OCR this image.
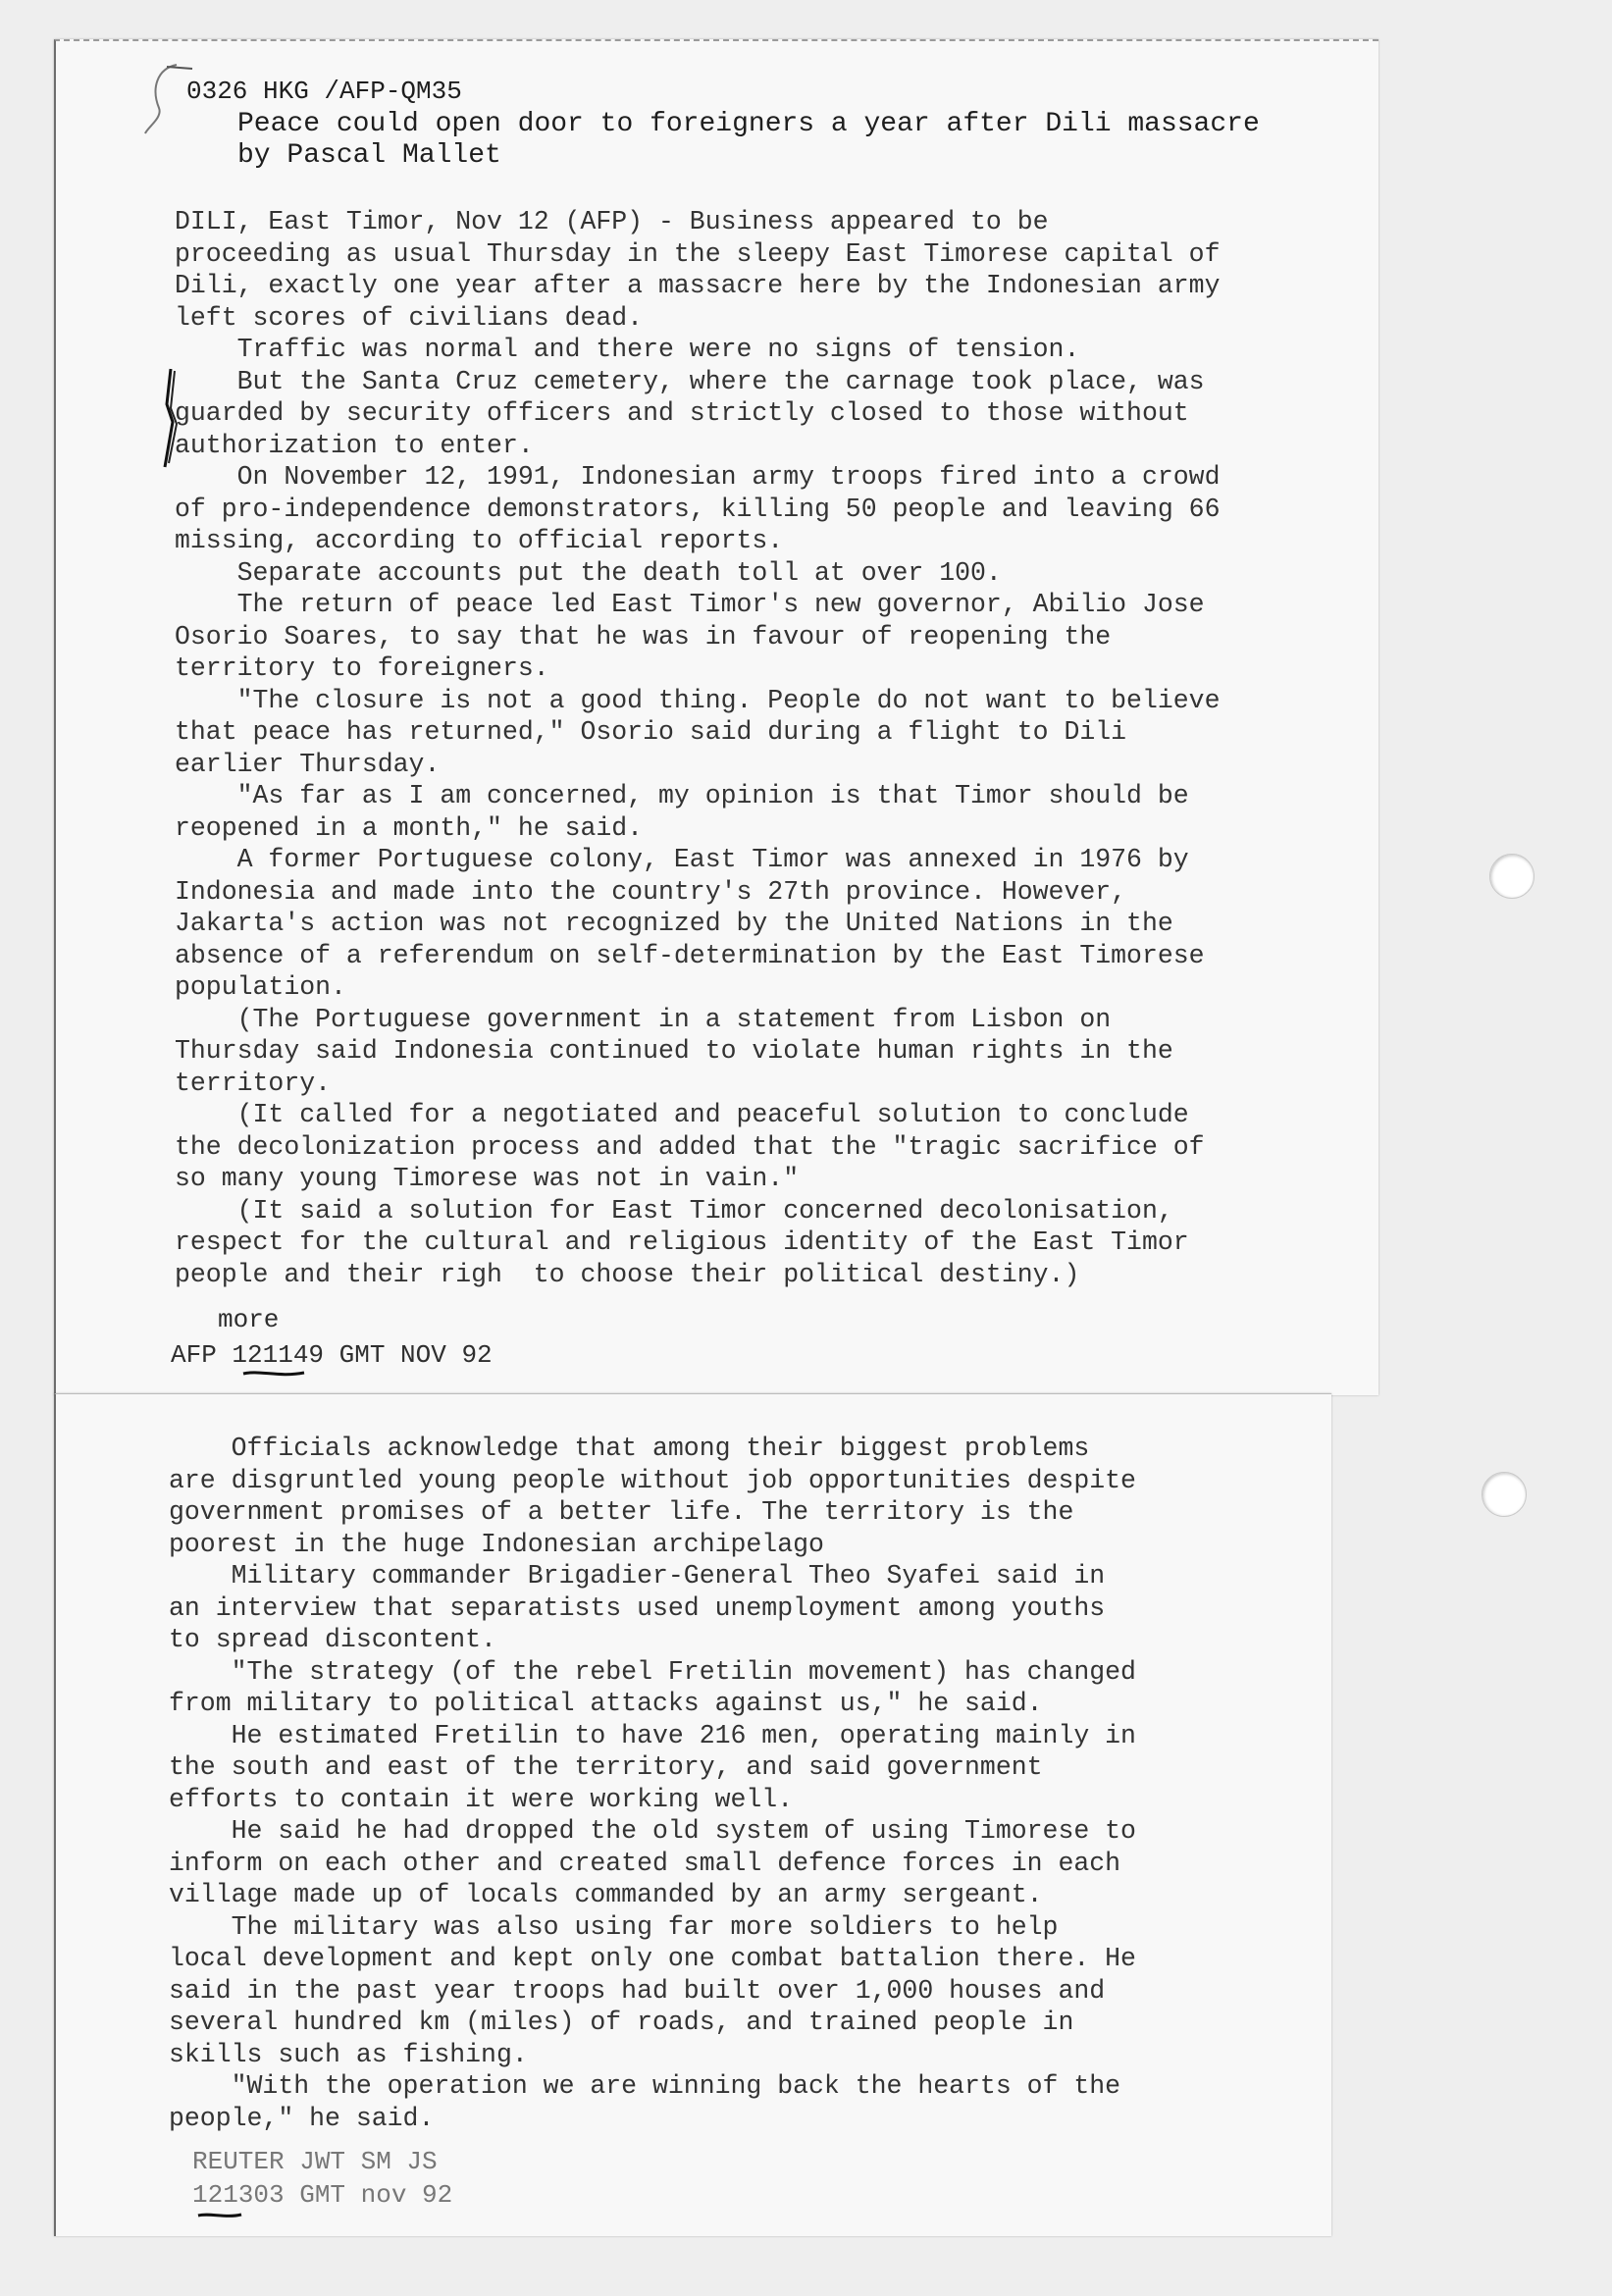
0326 HKG /AFP-QM35
Peace could open door to foreigners a year after Dili massacre
by Pascal Mallet
DILI, East Timor, Nov 12 (AFP) - Business appeared to be
proceeding as usual Thursday in the sleepy East Timorese capital of
Dili, exactly one year after a massacre here by the Indonesian army
left scores of civilians dead.
Traffic was normal and there were no signs of tension.
But the Santa Cruz cemetery, where the carnage took place, was
guarded by security officers and strictly closed to those without
authorization to enter.
On November 12, 1991, Indonesian army troops fired into a crowd
of pro-independence demonstrators, killing 50 people and leaving 66
missing, according to official reports.
Separate accounts put the death toll at over 100.
The return of peace led East Timor's new governor, Abilio Jose
Osorio Soares, to say that he was in favour of reopening the
territory to foreigners.
"The closure is not a good thing. People do not want to believe
that peace has returned," Osorio said during a flight to Dili
earlier Thursday.
"As far as I am concerned, my opinion is that Timor should be
reopened in a month," he said.
A former Portuguese colony, East Timor was annexed in 1976 by
Indonesia and made into the country's 27th province. However,
Jakarta's action was not recognized by the United Nations in the
absence of a referendum on self-determination by the East Timorese
population.
(The Portuguese government in a statement from Lisbon on
Thursday said Indonesia continued to violate human rights in the
territory.
(It called for a negotiated and peaceful solution to conclude
the decolonization process and added that the "tragic sacrifice of
so many young Timorese was not in vain."
(It said a solution for East Timor concerned decolonisation,
respect for the cultural and religious identity of the East Timor
people and their righ  to choose their political destiny.)
more
AFP 121149 GMT NOV 92
Officials acknowledge that among their biggest problems
are disgruntled young people without job opportunities despite
government promises of a better life. The territory is the
poorest in the huge Indonesian archipelago
Military commander Brigadier-General Theo Syafei said in
an interview that separatists used unemployment among youths
to spread discontent.
"The strategy (of the rebel Fretilin movement) has changed
from military to political attacks against us," he said.
He estimated Fretilin to have 216 men, operating mainly in
the south and east of the territory, and said government
efforts to contain it were working well.
He said he had dropped the old system of using Timorese to
inform on each other and created small defence forces in each
village made up of locals commanded by an army sergeant.
The military was also using far more soldiers to help
local development and kept only one combat battalion there. He
said in the past year troops had built over 1,000 houses and
several hundred km (miles) of roads, and trained people in
skills such as fishing.
"With the operation we are winning back the hearts of the
people," he said.
REUTER JWT SM JS
121303 GMT nov 92
